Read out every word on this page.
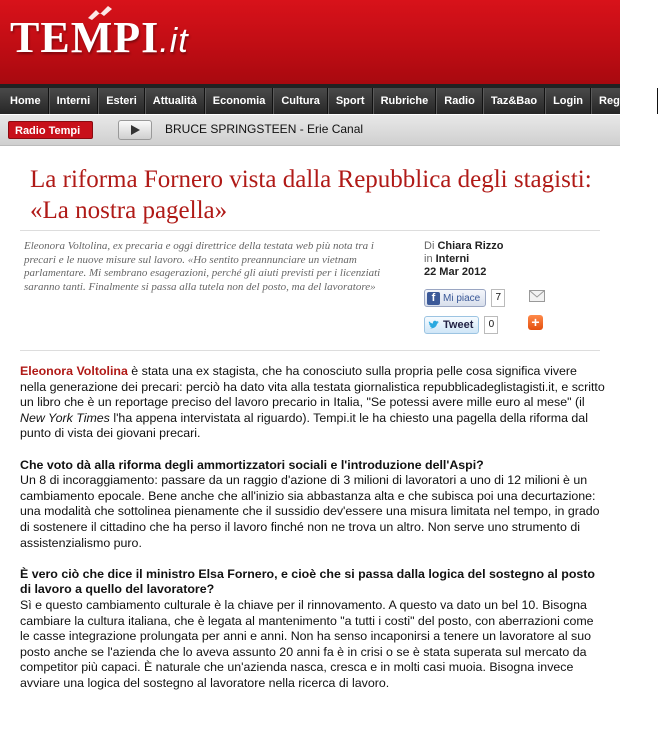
TEMPI.it
Home	Interni	Esteri	Attualità	Economia	Cultura	Sport	Rubriche	Radio	Taz&Bao	Login	Registrati
Radio Tempi	BRUCE SPRINGSTEEN - Erie Canal
La riforma Fornero vista dalla Repubblica degli stagisti: «La nostra pagella»
Eleonora Voltolina, ex precaria e oggi direttrice della testata web più nota tra i precari e le nuove misure sul lavoro. «Ho sentito preannunciare un vietnam parlamentare. Mi sembrano esagerazioni, perché gli aiuti previsti per i licenziati saranno tanti. Finalmente si passa alla tutela non del posto, ma del lavoratore»
Di Chiara Rizzo
in Interni
22 Mar 2012
f Mi piace	7
Tweet	0	+

Eleonora Voltolina è stata una ex stagista, che ha conosciuto sulla propria pelle cosa significa vivere nella generazione dei precari: perciò ha dato vita alla testata giornalistica repubblicadeglistagisti.it, e scritto un libro che è un reportage preciso del lavoro precario in Italia, "Se potessi avere mille euro al mese" (il New York Times l'ha appena intervistata al riguardo). Tempi.it le ha chiesto una pagella della riforma dal punto di vista dei giovani precari.

Che voto dà alla riforma degli ammortizzatori sociali e l'introduzione dell'Aspi?
Un 8 di incoraggiamento: passare da un raggio d'azione di 3 milioni di lavoratori a uno di 12 milioni è un cambiamento epocale. Bene anche che all'inizio sia abbastanza alta e che subisca poi una decurtazione: una modalità che sottolinea pienamente che il sussidio dev'essere una misura limitata nel tempo, in grado di sostenere il cittadino che ha perso il lavoro finché non ne trova un altro. Non serve uno strumento di assistenzialismo puro.

È vero ciò che dice il ministro Elsa Fornero, e cioè che si passa dalla logica del sostegno al posto di lavoro a quello del lavoratore?
Sì e questo cambiamento culturale è la chiave per il rinnovamento. A questo va dato un bel 10. Bisogna cambiare la cultura italiana, che è legata al mantenimento "a tutti i costi" del posto, con aberrazioni come le casse integrazione prolungata per anni e anni. Non ha senso incaponirsi a tenere un lavoratore al suo posto anche se l'azienda che lo aveva assunto 20 anni fa è in crisi o se è stata superata sul mercato da competitor più capaci. È naturale che un'azienda nasca, cresca e in molti casi muoia. Bisogna invece avviare una logica del sostegno al lavoratore nella ricerca di lavoro.
